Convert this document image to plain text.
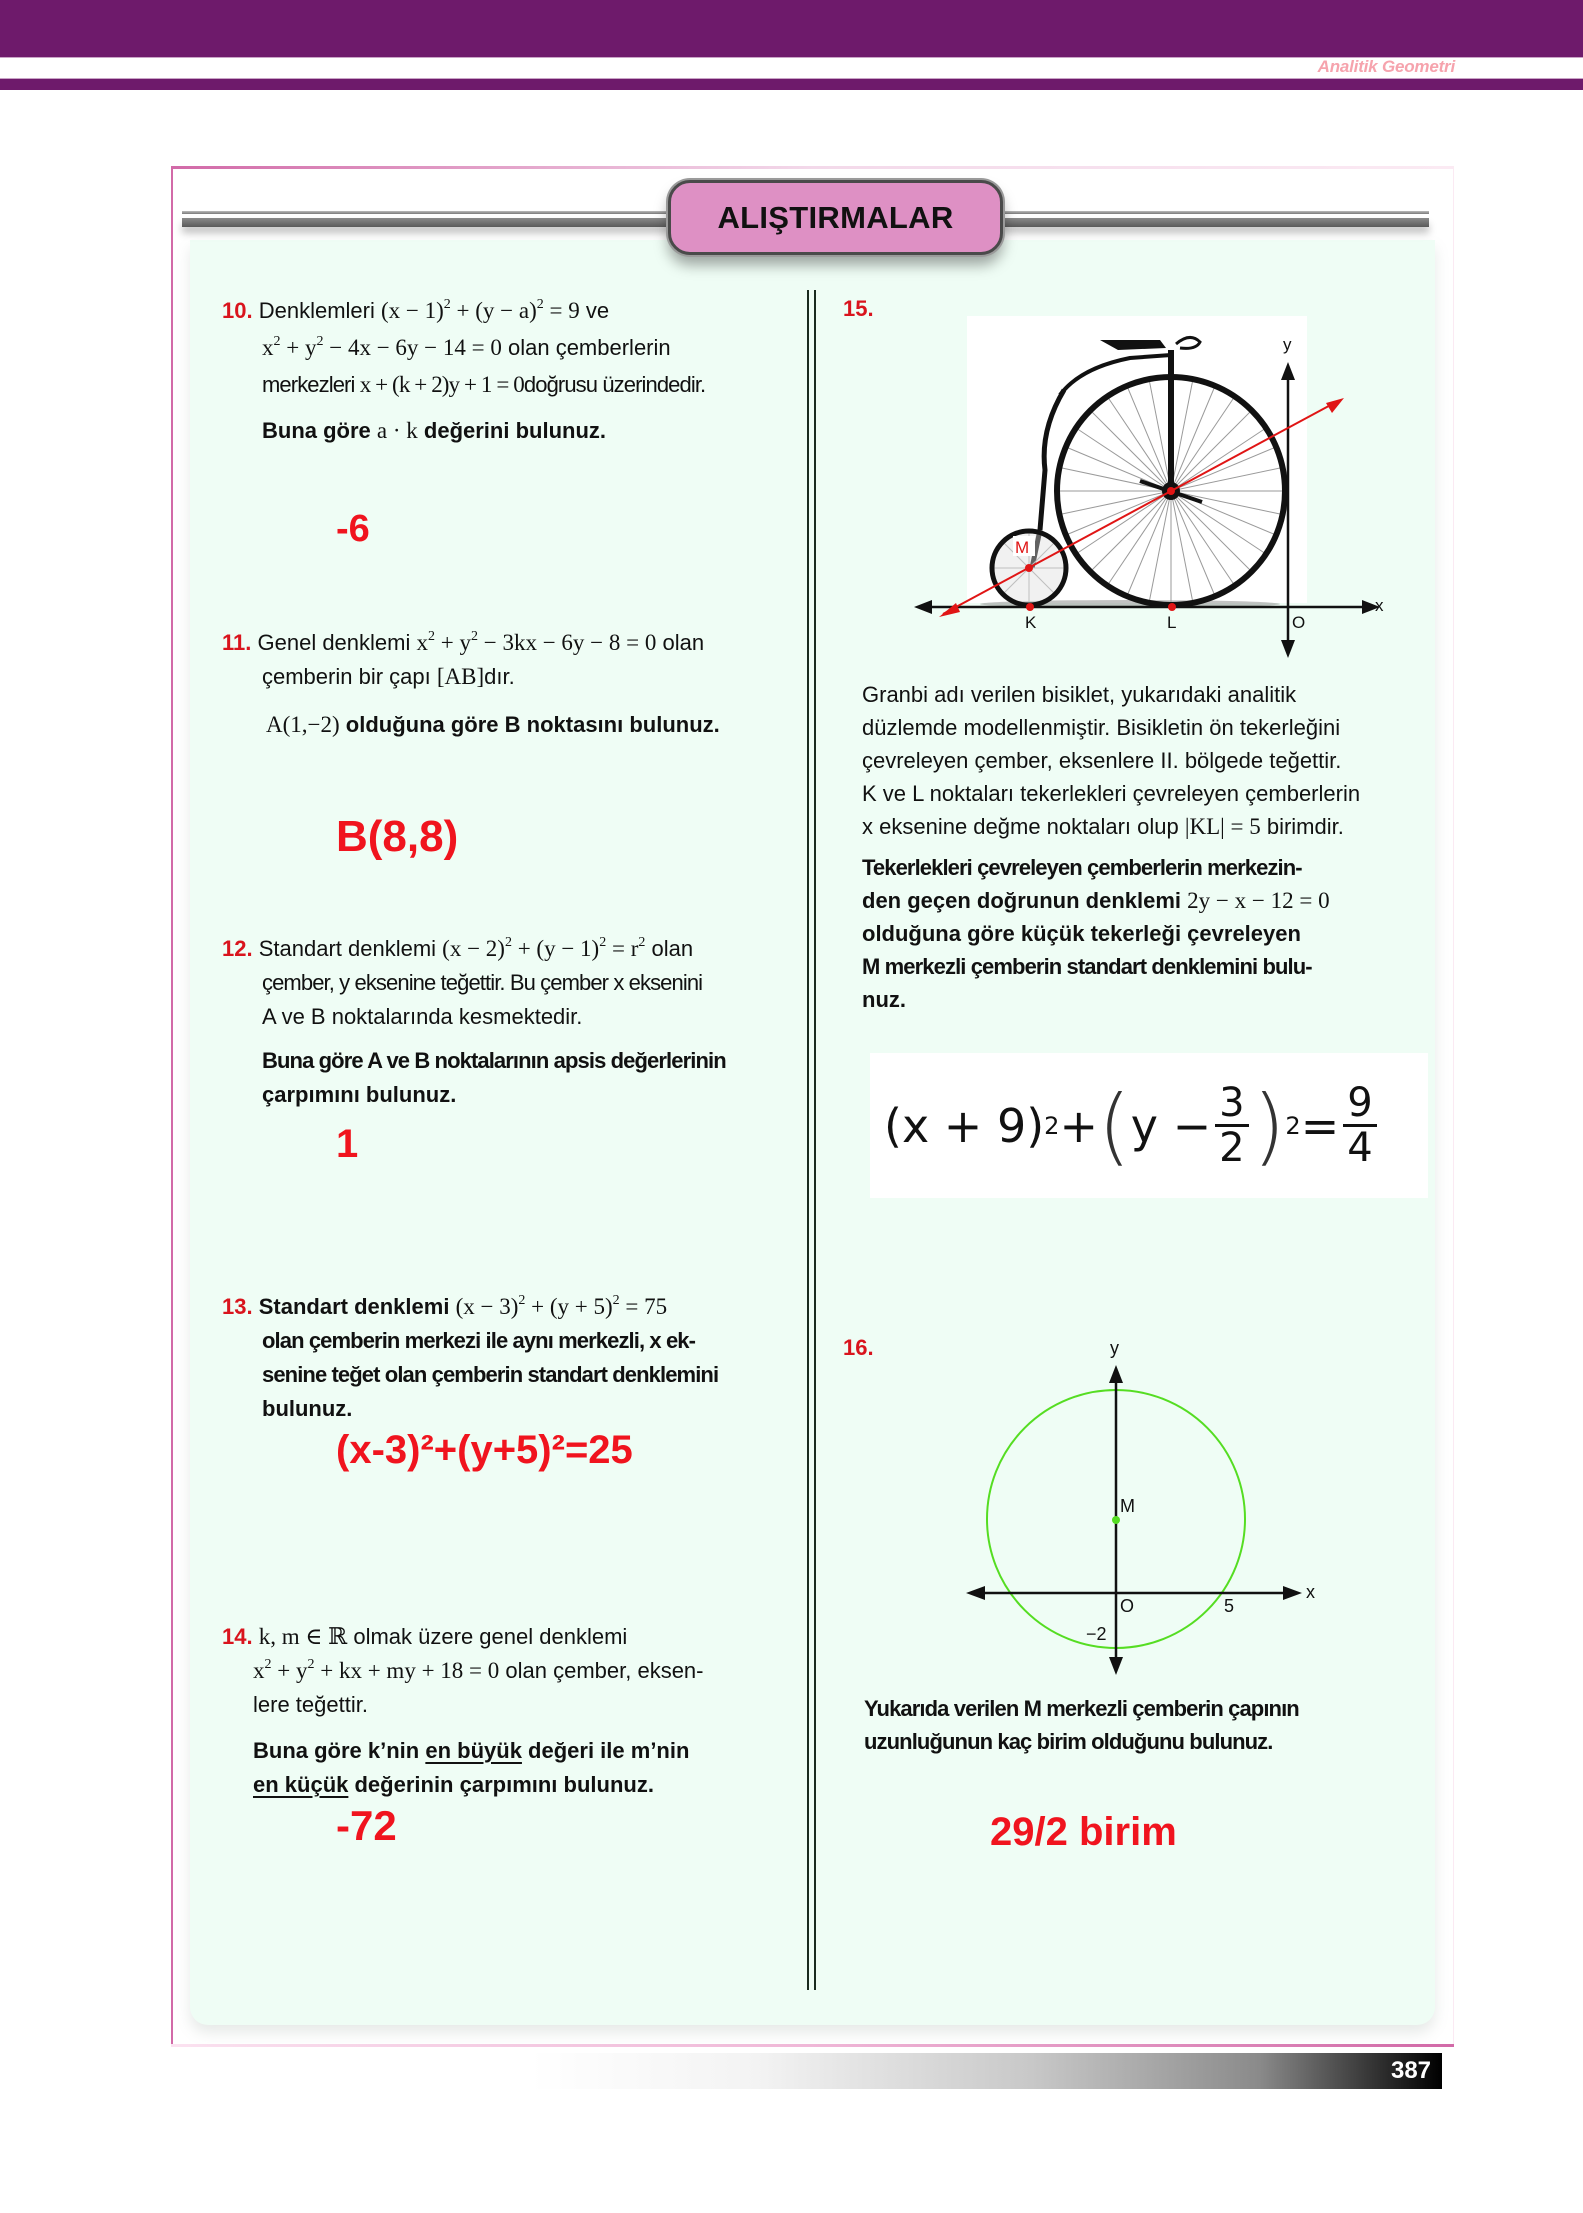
Analitik Geometri
ALIŞTIRMALAR
10. Denklemleri $(x - 1)^2 + (y - a)^2 = 9$ ve
$x^2 + y^2 - 4x - 6y - 14 = 0$ olan çemberlerin
merkezleri x + (k + 2)y + 1 = 0doğrusu üzerindedir.
Buna göre a · k değerini bulunuz.
-6
11. Genel denklemi $x^2 + y^2 - 3kx - 6y - 8 = 0$ olan
çemberin bir çapı [AB]dır.
A(1,−2) olduğuna göre B noktasını bulunuz.
B(8,8)
12. Standart denklemi $(x - 2)^2 + (y - 1)^2 = r^2$ olan
çember, y eksenine teğettir. Bu çember x eksenini
A ve B noktalarında kesmektedir.
Buna göre A ve B noktalarının apsis değerlerinin
çarpımını bulunuz.
1
13. Standart denklemi $(x - 3)^2 + (y + 5)^2 = 75$
olan çemberin merkezi ile aynı merkezli, x ek-
senine teğet olan çemberin standart denklemini
bulunuz.
(x-3)²+(y+5)²=25
14. k, m ∈ ℝ olmak üzere genel denklemi
$x^2 + y^2$ + kx + my + 18 = 0 olan çember, eksen-
lere teğettir.
Buna göre k’nin en büyük değeri ile m’nin
en küçük değerinin çarpımını bulunuz.
-72
15.
M
K	L	O
y
x
Granbi adı verilen bisiklet, yukarıdaki analitik
düzlemde modellenmiştir. Bisikletin ön tekerleğini
çevreleyen çember, eksenlere II. bölgede teğettir.
K ve L noktaları tekerlekleri çevreleyen çemberlerin
x eksenine değme noktaları olup |KL| = 5 birimdir.
Tekerlekleri çevreleyen çemberlerin merkezin-
den geçen doğrunun denklemi 2y − x − 12 = 0
olduğuna göre küçük tekerleği çevreleyen
M merkezli çemberin standart denklemini bulu-
nuz.
(x + 9) 2 + ( $y - \frac{3}{2}$ ) $2 = \frac{9}{4}$
16.
M
y
x
O	5
−2
Yukarıda verilen M merkezli çemberin çapının
uzunluğunun kaç birim olduğunu bulunuz.
29/2 birim
387
